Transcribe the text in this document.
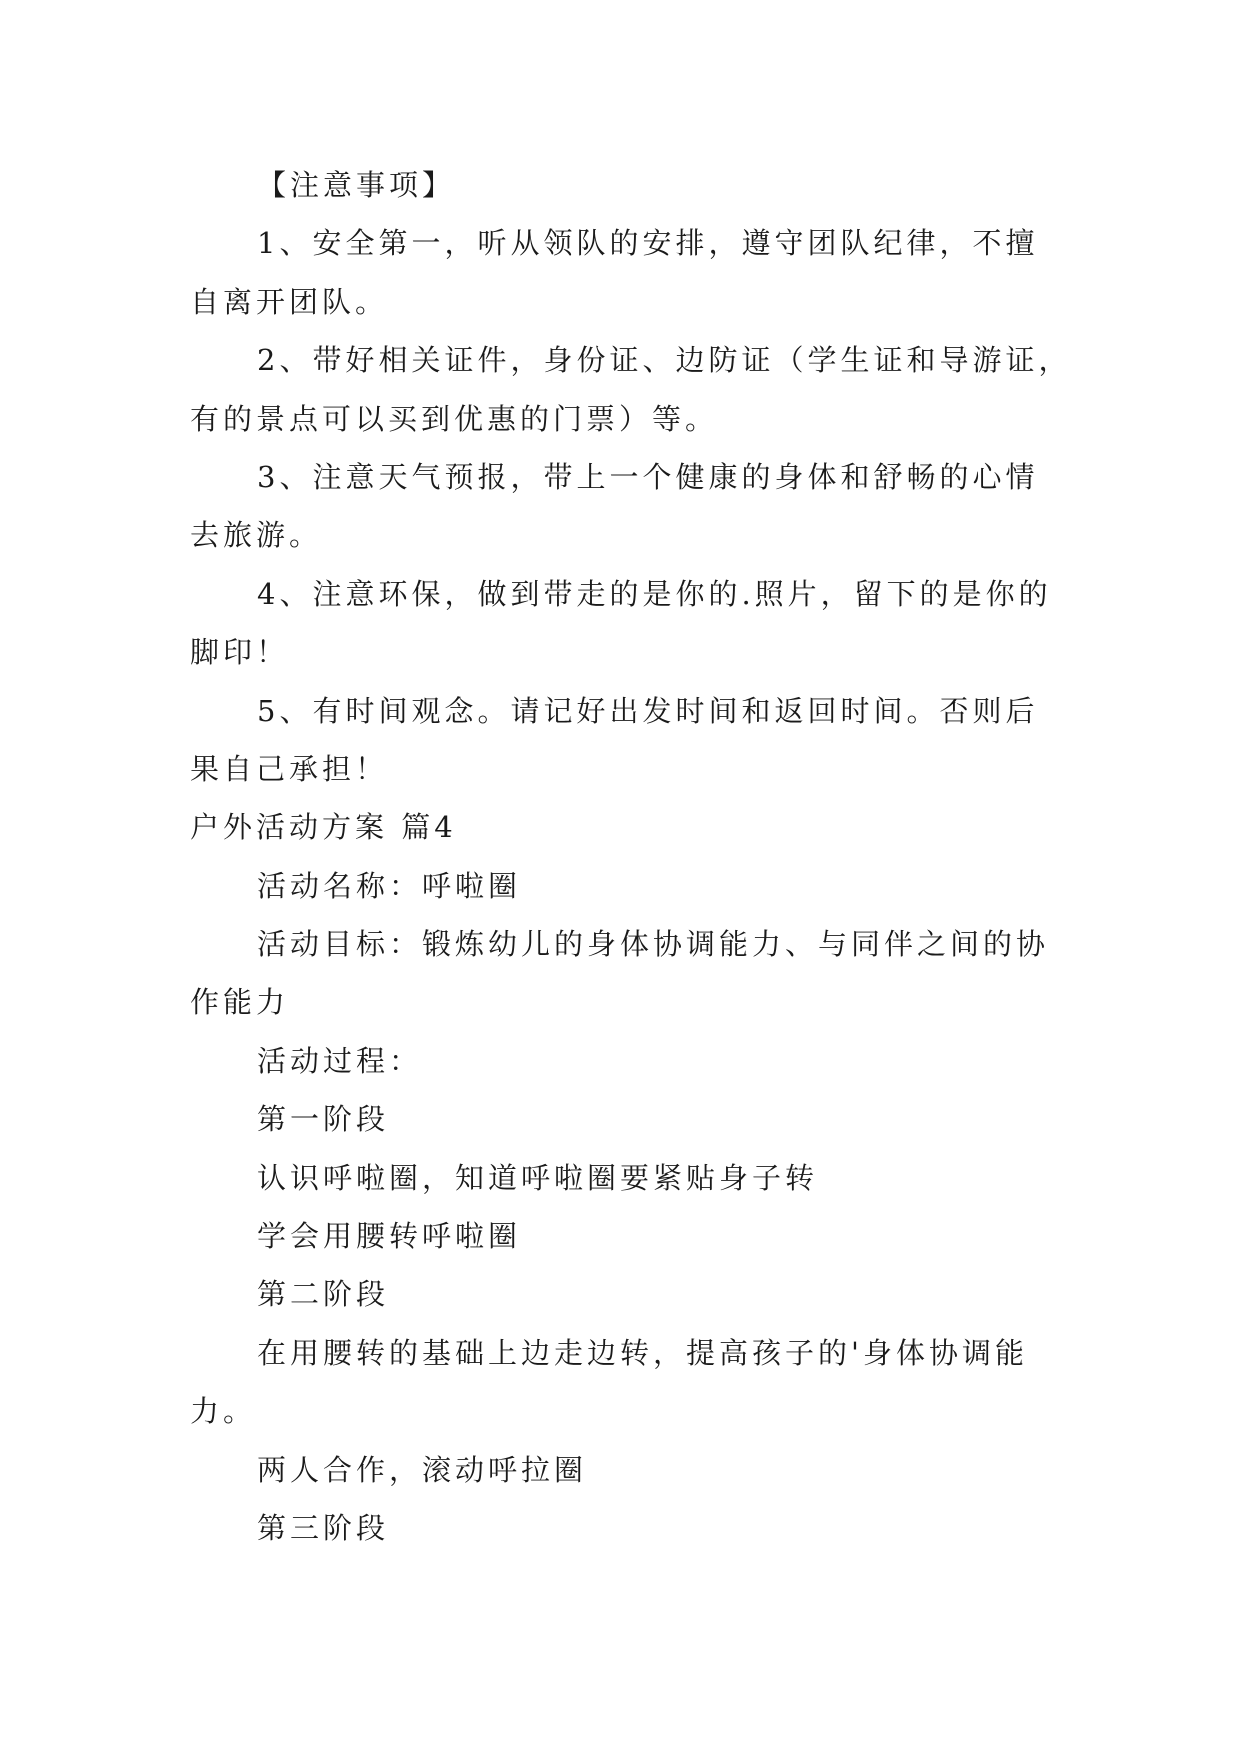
【注意事项】
1、安全第一，听从领队的安排，遵守团队纪律，不擅
自离开团队。
2、带好相关证件，身份证、边防证（学生证和导游证，
有的景点可以买到优惠的门票）等。
3、注意天气预报，带上一个健康的身体和舒畅的心情
去旅游。
4、注意环保，做到带走的是你的.照片，留下的是你的
脚印！
5、有时间观念。请记好出发时间和返回时间。否则后
果自己承担！
户外活动方案 篇4
活动名称：呼啦圈
活动目标：锻炼幼儿的身体协调能力、与同伴之间的协
作能力
活动过程：
第一阶段
认识呼啦圈，知道呼啦圈要紧贴身子转
学会用腰转呼啦圈
第二阶段
在用腰转的基础上边走边转，提高孩子的'身体协调能
力。
两人合作，滚动呼拉圈
第三阶段
